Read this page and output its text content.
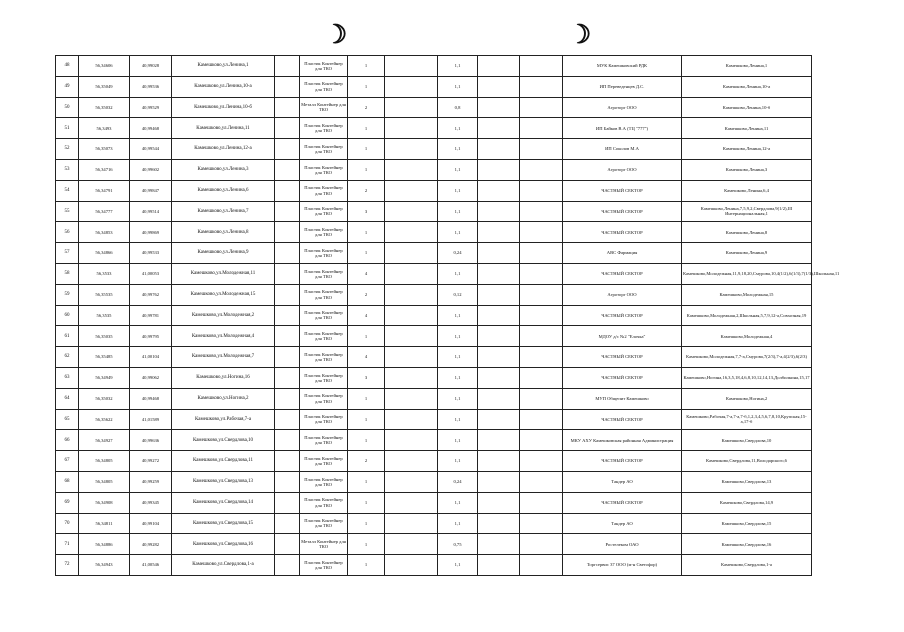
☽	☽
48	56,34606	40,99028	Камешково,ул.Ленина,1		Пластик Контейнер для ТКО	1		1,1			МУК Камешковский РДК	Камешково,Ленина,1
49	56,35049	40,99536	Камешково,ул.Ленина,10-а		Пластик Контейнер для ТКО	1		1,1			ИП Переведенцев Д.С.	Камешково,Ленина,10-а
50	56,35032	40,99529	Камешково,ул.Ленина,10-б		Металл Контейнер для ТКО	2		0,8			Агроторг ООО	Камешково,Ленина,10-б
51	56,3493	40,99468	Камешково,ул.Ленина,11		Пластик Контейнер для ТКО	1		1,1			ИП Байков В.А (ТЦ "777")	Камешково,Ленина,11
52	56,35073	40,99544	Камешково,ул.Ленина,12-а		Пластик Контейнер для ТКО	1		1,1			ИП Соколов М.А	Камешково,Ленина,12-а
53	56,34716	40,99602	Камешково,ул.Ленина,3		Пластик Контейнер для ТКО	1		1,1			Агроторг ООО	Камешково,Ленина,3
54	56,34791	40,99847	Камешково,ул.Ленина,6		Пластик Контейнер для ТКО	2		1,1			ЧАСТНЫЙ СЕКТОР	Камешково,Ленина,6,4
55	56,34777	40,99514	Камешково,ул.Ленина,7		Пластик Контейнер для ТКО	3		1,1			ЧАСТНЫЙ СЕКТОР	Камешково,Ленина,7,5,9,2,Свердлова,9(1/2),III Интернациональная,1
56	56,34853	40,99869	Камешково,ул.Ленина,8		Пластик Контейнер для ТКО	1		1,1			ЧАСТНЫЙ СЕКТОР	Камешково,Ленина,8
57	56,34866	40,99533	Камешково,ул.Ленина,9		Пластик Контейнер для ТКО	1		0,24			АВС Фармация	Камешково,Ленина,9
58	56,3533	41,00053	Камешково,ул.Молодежная,11		Пластик Контейнер для ТКО	4		1,1			ЧАСТНЫЙ СЕКТОР	Камешково,Молодежная,11,9,18,20,Смурова,10,4(1/2),6(1/3),7(1/3),Школьная,11
59	56,35535	40,99762	Камешково,ул.Молодежная,15		Пластик Контейнер для ТКО	2		0,12			Агроторг ООО	Камешково,Молодежная,15
60	56,3535	40,99781	Камешково,ул.Молодежная,2		Пластик Контейнер для ТКО	4		1,1			ЧАСТНЫЙ СЕКТОР	Камешково,Молодежная,2,Школьная,5,7,9,12-а,Совхозная,19
61	56,35035	40,99795	Камешково,ул.Молодежная,4		Пластик Контейнер для ТКО	1		1,1			МДОУ д/с №2 "Елочка"	Камешково,Молодежная,4
62	56,35485	41,00104	Камешково,ул.Молодежная,7		Пластик Контейнер для ТКО	4		1,1			ЧАСТНЫЙ СЕКТОР	Камешково,Молодежная,7,7-а,Смурова,7(2/3),7-а,4(2/3),6(2/3)
63	56,34949	40,99062	Камешково,ул.Ногина,16		Пластик Контейнер для ТКО	3		1,1			ЧАСТНЫЙ СЕКТОР	Камешково,Ногина,16,3,5,18,4,6,8,10,12,14,13,Долбилкина,15,17
64	56,35032	40,99468	Камешково,ул.Ногина,2		Пластик Контейнер для ТКО	1		1,1			МУП Общепит Камешково	Камешково,Ногина,2
65	56,35622	41,01589	Камешково,ул.Рабочая,7-а		Пластик Контейнер для ТКО	1		1,1			ЧАСТНЫЙ СЕКТОР	Камешково,Рабочая,7-а,7-а,7-б,1,2,3,4,5,6,7,8,10,Крупская,15-а,17-б
66	56,34927	40,99636	Камешково,ул.Свердлова,10		Пластик Контейнер для ТКО	1		1,1			МКУ АХУ Камешковская районная Администрация	Камешково,Свердлова,10
67	56,34805	40,99272	Камешково,ул.Свердлова,11		Пластик Контейнер для ТКО	2		1,1			ЧАСТНЫЙ СЕКТОР	Камешково,Свердлова,11,Володарского,6
68	56,34805	40,99259	Камешково,ул.Свердлова,13		Пластик Контейнер для ТКО	1		0,24			Тандер АО	Камешково,Свердлова,13
69	56,34908	40,99345	Камешково,ул.Свердлова,14		Пластик Контейнер для ТКО	1		1,1			ЧАСТНЫЙ СЕКТОР	Камешково,Свердлова,14,9
70	56,34811	40,99104	Камешково,ул.Свердлова,15		Пластик Контейнер для ТКО	1		1,1			Тандер АО	Камешково,Свердлова,15
71	56,34886	40,99282	Камешково,ул.Свердлова,16		Металл Контейнер для ТКО	1		0,75			Ростелеком ОАО	Камешково,Свердлова,16
72	56,34943	41,00546	Камешково,ул.Свердлова,1-а		Пластик Контейнер для ТКО	1		1,1			Торгсервис 37 ООО (м-н Светофор)	Камешково,Свердлова,1-а
